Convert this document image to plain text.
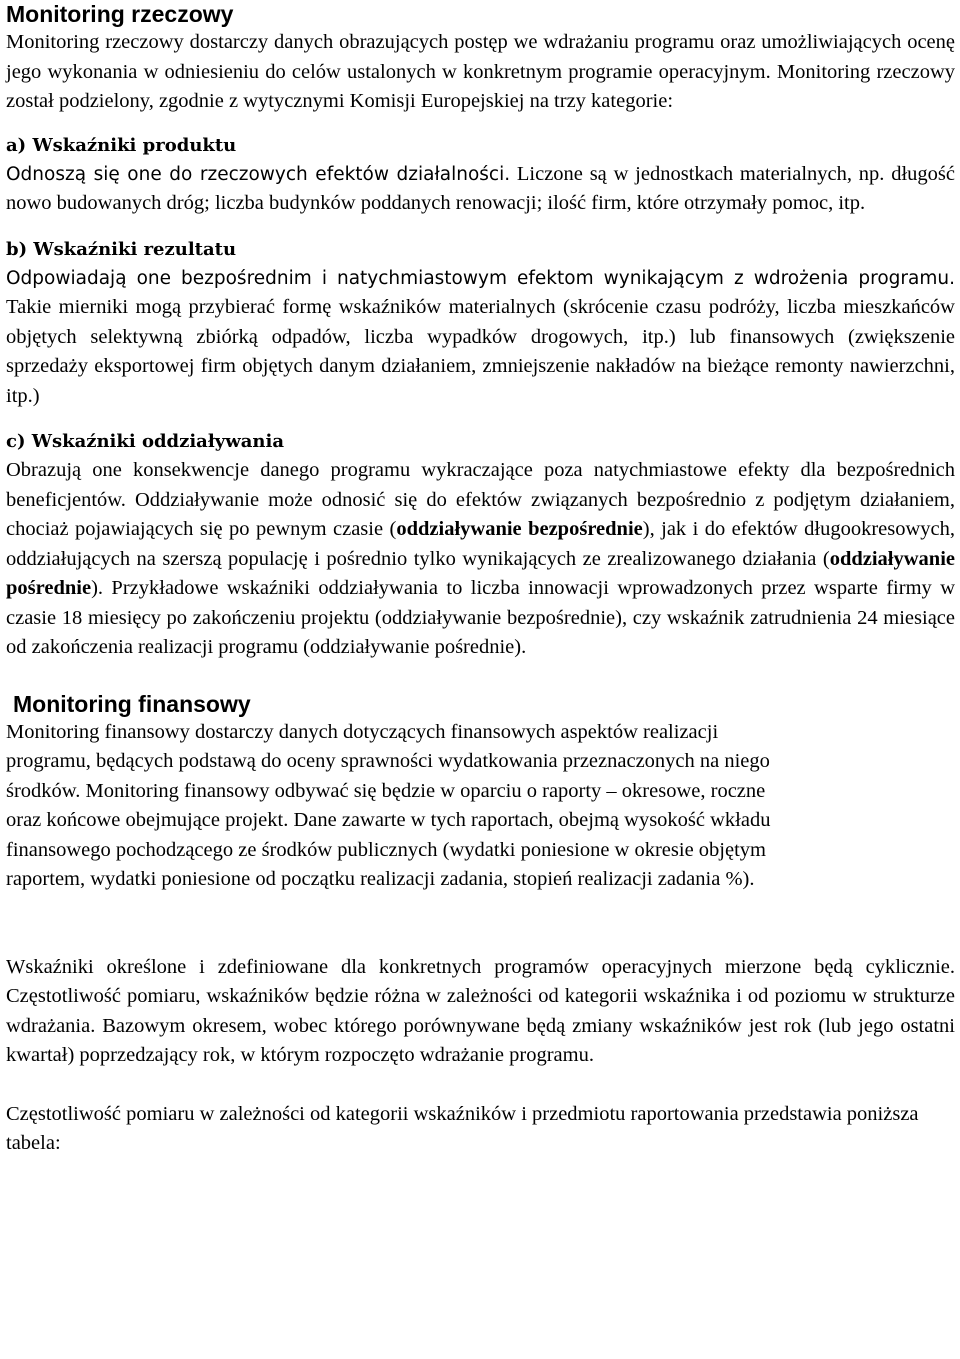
Monitoring rzeczowy

Monitoring rzeczowy dostarczy danych obrazujących postęp we wdrażaniu programu oraz umożliwiających ocenę jego wykonania w odniesieniu do celów ustalonych w konkretnym programie operacyjnym. Monitoring rzeczowy został podzielony, zgodnie z wytycznymi Komisji Europejskiej na trzy kategorie:

a) Wskaźniki produktu

Odnoszą się one do rzeczowych efektów działalności. Liczone są w jednostkach materialnych, np. długość nowo budowanych dróg; liczba budynków poddanych renowacji; ilość firm, które otrzymały pomoc, itp.

b) Wskaźniki rezultatu

Odpowiadają one bezpośrednim i natychmiastowym efektom wynikającym z wdrożenia programu. Takie mierniki mogą przybierać formę wskaźników materialnych (skrócenie czasu podróży, liczba mieszkańców objętych selektywną zbiórką odpadów, liczba wypadków drogowych, itp.) lub finansowych (zwiększenie sprzedaży eksportowej firm objętych danym działaniem, zmniejszenie nakładów na bieżące remonty nawierzchni, itp.)

c) Wskaźniki oddziaływania

Obrazują one konsekwencje danego programu wykraczające poza natychmiastowe efekty dla bezpośrednich beneficjentów. Oddziaływanie może odnosić się do efektów związanych bezpośrednio z podjętym działaniem, chociaż pojawiających się po pewnym czasie (oddziaływanie bezpośrednie), jak i do efektów długookresowych, oddziałujących na szerszą populację i pośrednio tylko wynikających ze zrealizowanego działania (oddziaływanie pośrednie). Przykładowe wskaźniki oddziaływania to liczba innowacji wprowadzonych przez wsparte firmy w czasie 18 miesięcy po zakończeniu projektu (oddziaływanie bezpośrednie), czy wskaźnik zatrudnienia 24 miesiące od zakończenia realizacji programu (oddziaływanie pośrednie).

Monitoring finansowy

Monitoring finansowy dostarczy danych dotyczących finansowych aspektów realizacji
programu, będących podstawą do oceny sprawności wydatkowania przeznaczonych na niego
środków. Monitoring finansowy odbywać się będzie w oparciu o raporty – okresowe, roczne
oraz końcowe obejmujące projekt. Dane zawarte w tych raportach, obejmą wysokość wkładu
finansowego pochodzącego ze środków publicznych (wydatki poniesione w okresie objętym
raportem, wydatki poniesione od początku realizacji zadania, stopień realizacji zadania %).

Wskaźniki określone i zdefiniowane dla konkretnych programów operacyjnych mierzone będą cyklicznie. Częstotliwość pomiaru, wskaźników będzie różna w zależności od kategorii wskaźnika i od poziomu w strukturze wdrażania. Bazowym okresem, wobec którego porównywane będą zmiany wskaźników jest rok (lub jego ostatni kwartał) poprzedzający rok, w którym rozpoczęto wdrażanie programu.

Częstotliwość pomiaru w zależności od kategorii wskaźników i przedmiotu raportowania przedstawia poniższa tabela:
